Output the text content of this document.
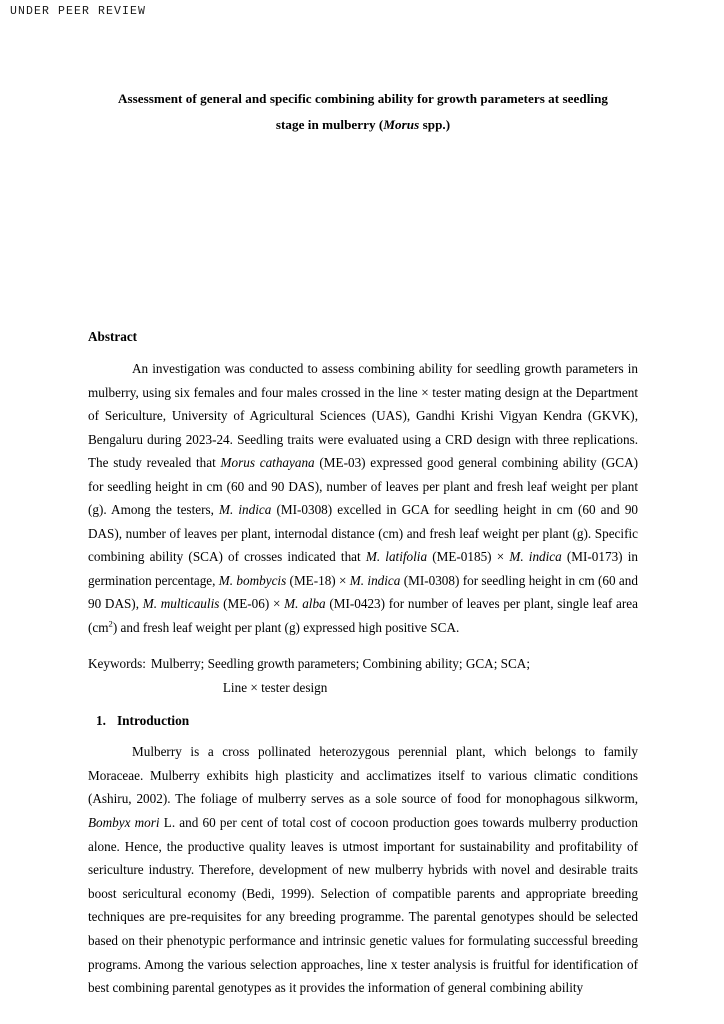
UNDER PEER REVIEW
Assessment of general and specific combining ability for growth parameters at seedling
stage in mulberry (Morus spp.)
Abstract
An investigation was conducted to assess combining ability for seedling growth parameters in mulberry, using six females and four males crossed in the line × tester mating design at the Department of Sericulture, University of Agricultural Sciences (UAS), Gandhi Krishi Vigyan Kendra (GKVK), Bengaluru during 2023-24. Seedling traits were evaluated using a CRD design with three replications. The study revealed that Morus cathayana (ME-03) expressed good general combining ability (GCA) for seedling height in cm (60 and 90 DAS), number of leaves per plant and fresh leaf weight per plant (g). Among the testers, M. indica (MI-0308) excelled in GCA for seedling height in cm (60 and 90 DAS), number of leaves per plant, internodal distance (cm) and fresh leaf weight per plant (g). Specific combining ability (SCA) of crosses indicated that M. latifolia (ME-0185) × M. indica (MI-0173) in germination percentage, M. bombycis (ME-18) × M. indica (MI-0308) for seedling height in cm (60 and 90 DAS), M. multicaulis (ME-06) × M. alba (MI-0423) for number of leaves per plant, single leaf area $(cm^2)$ and fresh leaf weight per plant (g) expressed high positive SCA.
Keywords: Mulberry; Seedling growth parameters; Combining ability; GCA; SCA;
Line × tester design
1. Introduction
Mulberry is a cross pollinated heterozygous perennial plant, which belongs to family Moraceae. Mulberry exhibits high plasticity and acclimatizes itself to various climatic conditions (Ashiru, 2002). The foliage of mulberry serves as a sole source of food for monophagous silkworm, Bombyx mori L. and 60 per cent of total cost of cocoon production goes towards mulberry production alone. Hence, the productive quality leaves is utmost important for sustainability and profitability of sericulture industry. Therefore, development of new mulberry hybrids with novel and desirable traits boost sericultural economy (Bedi, 1999). Selection of compatible parents and appropriate breeding techniques are pre-requisites for any breeding programme. The parental genotypes should be selected based on their phenotypic performance and intrinsic genetic values for formulating successful breeding programs. Among the various selection approaches, line x tester analysis is fruitful for identification of best combining parental genotypes as it provides the information of general combining ability
